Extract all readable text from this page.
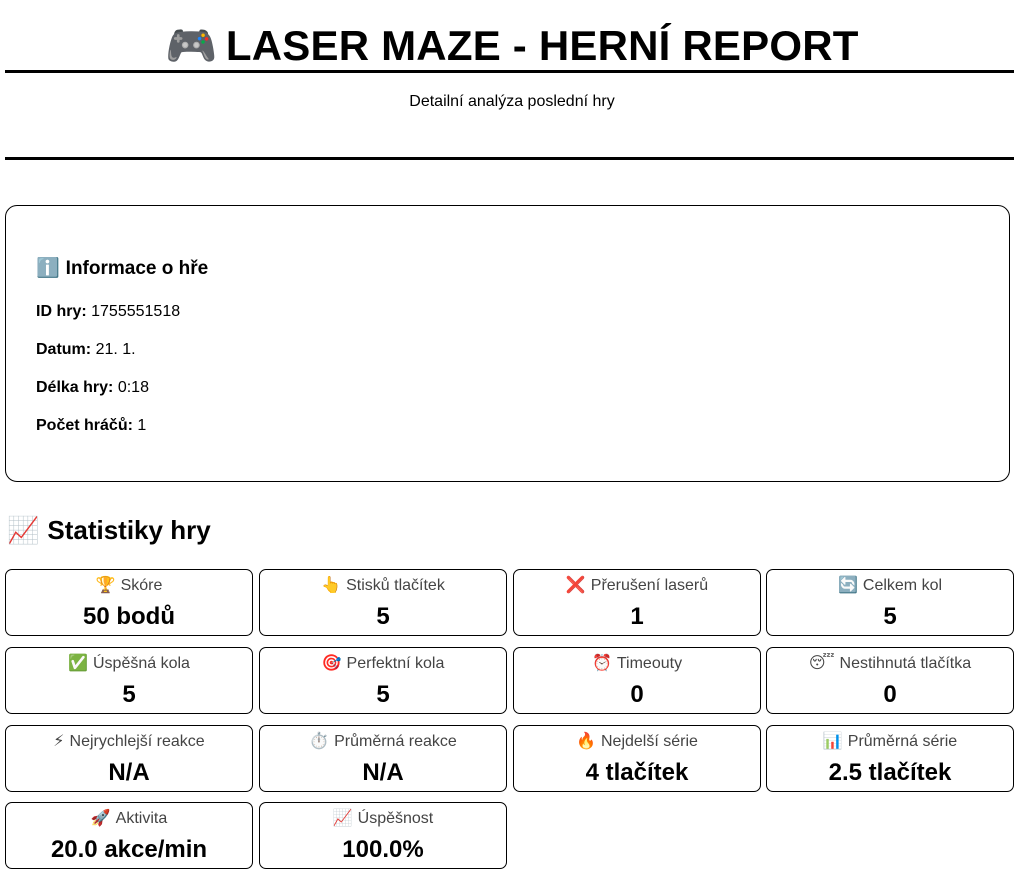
🎮 LASER MAZE - HERNÍ REPORT
Detailní analýza poslední hry
ℹ️ Informace o hře
ID hry: 1755551518
Datum: 21. 1.
Délka hry: 0:18
Počet hráčů: 1
📈 Statistiky hry
🏆 Skóre
50 bodů
👆 Stisků tlačítek
5
❌ Přerušení laserů
1
🔄 Celkem kol
5
✅ Úspěšná kola
5
🎯 Perfektní kola
5
⏰ Timeouty
0
😴 Nestihnutá tlačítka
0
⚡ Nejrychlejší reakce
N/A
⏱️ Průměrná reakce
N/A
🔥 Nejdelší série
4 tlačítek
📊 Průměrná série
2.5 tlačítek
🚀 Aktivita
20.0 akce/min
📈 Úspěšnost
100.0%
